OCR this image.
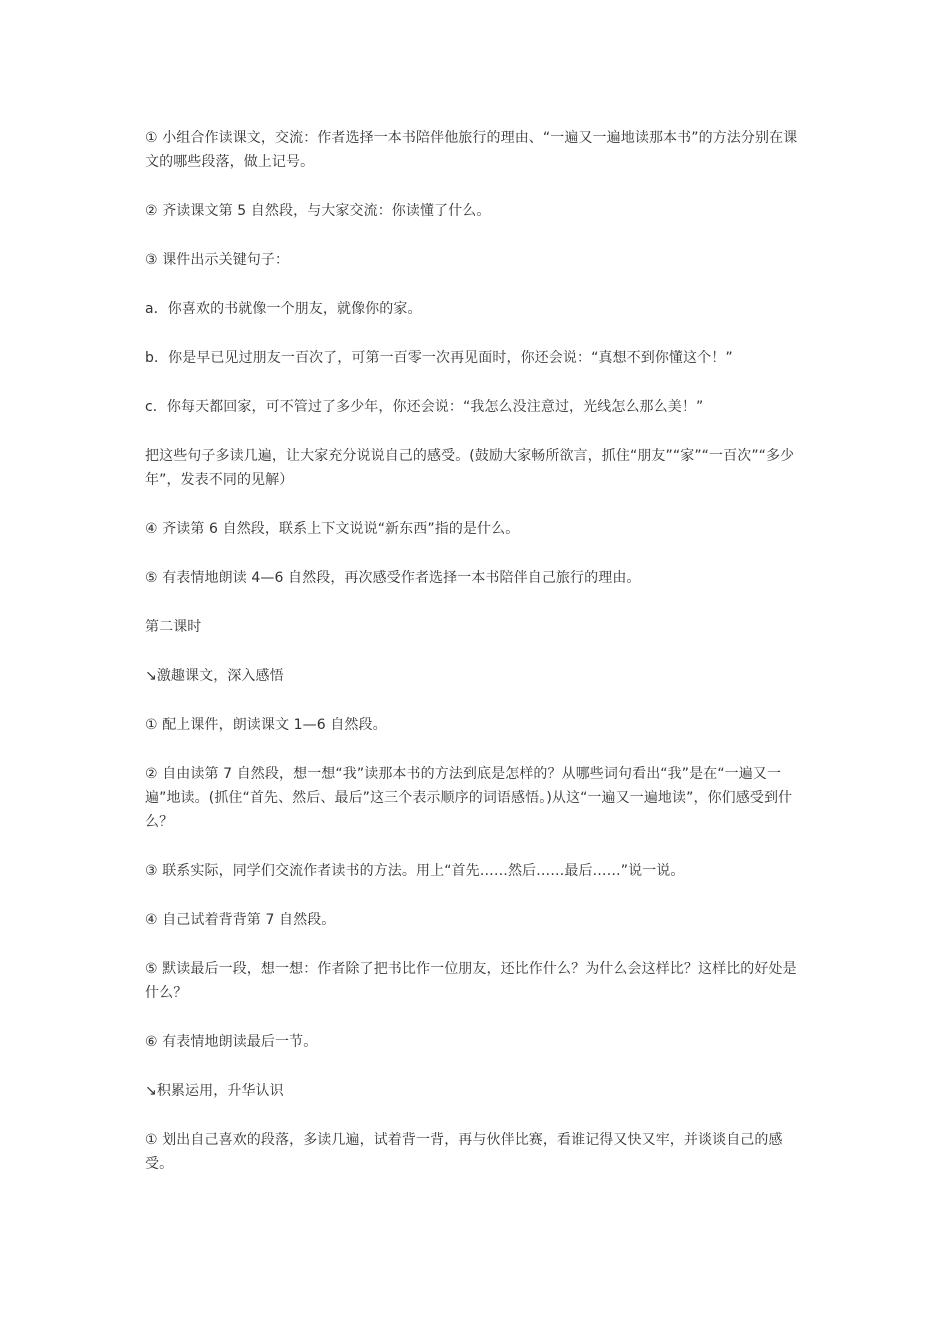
① 小组合作读课文，交流：作者选择一本书陪伴他旅行的理由、“一遍又一遍地读那本书”的方法分别在课文的哪些段落，做上记号。

② 齐读课文第 5 自然段，与大家交流：你读懂了什么。

③ 课件出示关键句子：

a．你喜欢的书就像一个朋友，就像你的家。

b．你是早已见过朋友一百次了，可第一百零一次再见面时，你还会说：“真想不到你懂这个！”

c．你每天都回家，可不管过了多少年，你还会说：“我怎么没注意过，光线怎么那么美！”

把这些句子多读几遍，让大家充分说说自己的感受。(鼓励大家畅所欲言，抓住“朋友”“家”“一百次”“多少年”，发表不同的见解）

④ 齐读第 6 自然段，联系上下文说说“新东西”指的是什么。

⑤ 有表情地朗读 4—6 自然段，再次感受作者选择一本书陪伴自己旅行的理由。

第二课时

↘激趣课文，深入感悟

① 配上课件，朗读课文 1—6 自然段。

② 自由读第 7 自然段，想一想“我”读那本书的方法到底是怎样的？从哪些词句看出“我”是在“一遍又一遍”地读。(抓住“首先、然后、最后”这三个表示顺序的词语感悟。)从这“一遍又一遍地读”，你们感受到什么？

③ 联系实际，同学们交流作者读书的方法。用上“首先……然后……最后……”说一说。

④ 自己试着背背第 7 自然段。

⑤ 默读最后一段，想一想：作者除了把书比作一位朋友，还比作什么？为什么会这样比？这样比的好处是什么？

⑥ 有表情地朗读最后一节。

↘积累运用，升华认识

① 划出自己喜欢的段落，多读几遍，试着背一背，再与伙伴比赛，看谁记得又快又牢，并谈谈自己的感受。
